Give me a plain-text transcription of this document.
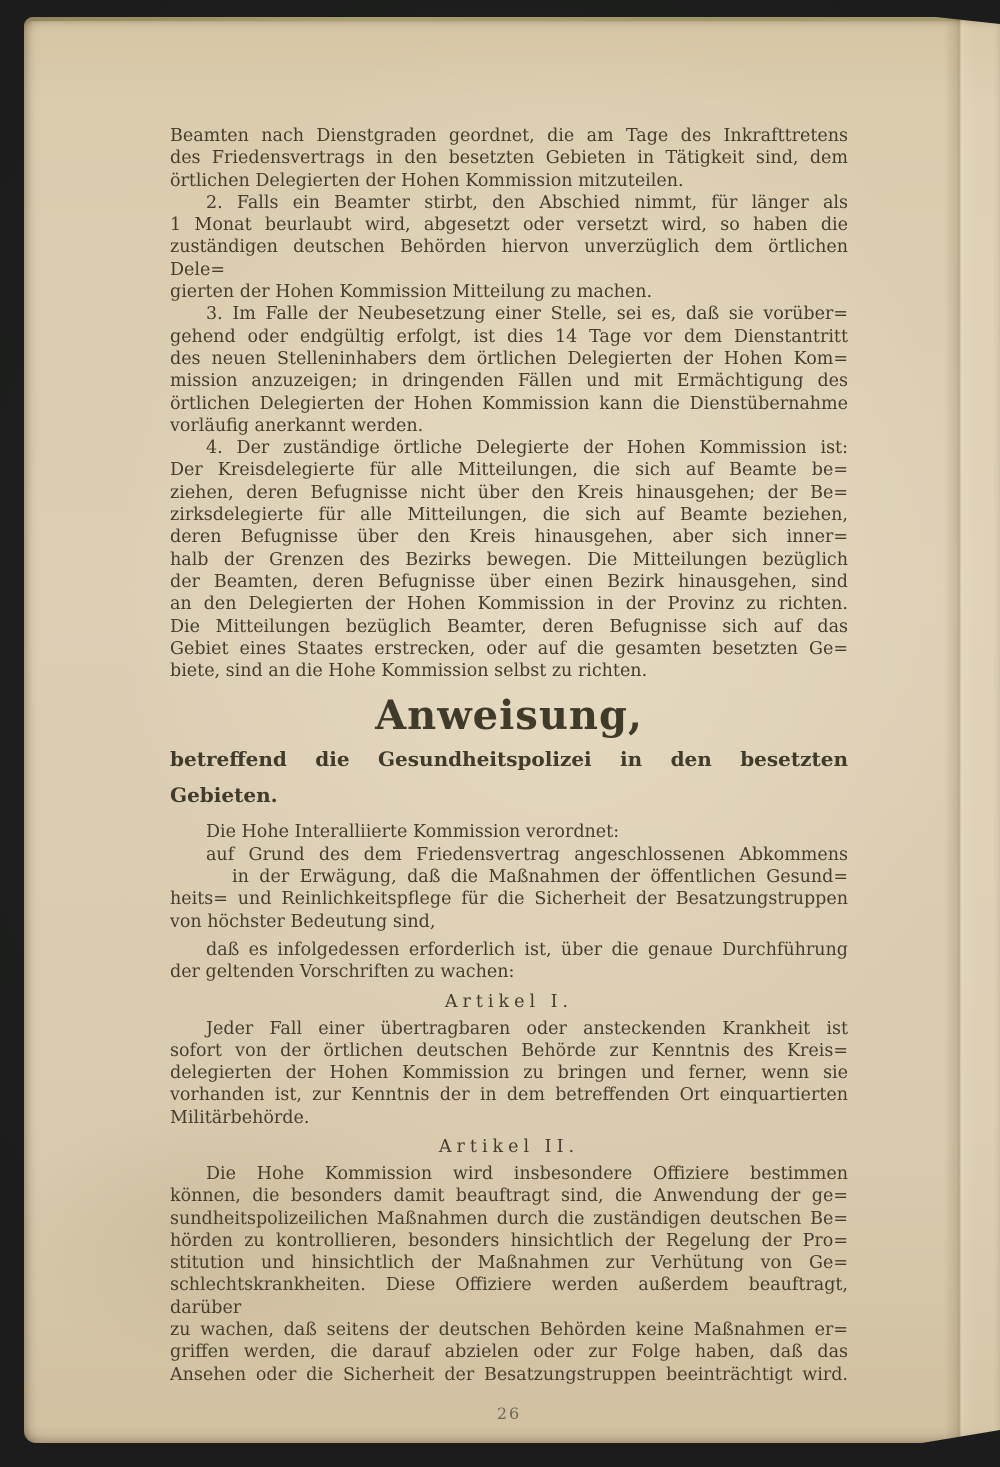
Beamten nach Dienstgraden geordnet, die am Tage des Inkrafttretens
des Friedensvertrags in den besetzten Gebieten in Tätigkeit sind, dem
örtlichen Delegierten der Hohen Kommission mitzuteilen.
2. Falls ein Beamter stirbt, den Abschied nimmt, für länger als
1 Monat beurlaubt wird, abgesetzt oder versetzt wird, so haben die
zuständigen deutschen Behörden hiervon unverzüglich dem örtlichen Dele=
gierten der Hohen Kommission Mitteilung zu machen.
3. Im Falle der Neubesetzung einer Stelle, sei es, daß sie vorüber=
gehend oder endgültig erfolgt, ist dies 14 Tage vor dem Dienstantritt
des neuen Stelleninhabers dem örtlichen Delegierten der Hohen Kom=
mission anzuzeigen; in dringenden Fällen und mit Ermächtigung des
örtlichen Delegierten der Hohen Kommission kann die Dienstübernahme
vorläufig anerkannt werden.
4. Der zuständige örtliche Delegierte der Hohen Kommission ist:
Der Kreisdelegierte für alle Mitteilungen, die sich auf Beamte be=
ziehen, deren Befugnisse nicht über den Kreis hinausgehen; der Be=
zirksdelegierte für alle Mitteilungen, die sich auf Beamte beziehen,
deren Befugnisse über den Kreis hinausgehen, aber sich inner=
halb der Grenzen des Bezirks bewegen. Die Mitteilungen bezüglich
der Beamten, deren Befugnisse über einen Bezirk hinausgehen, sind
an den Delegierten der Hohen Kommission in der Provinz zu richten.
Die Mitteilungen bezüglich Beamter, deren Befugnisse sich auf das
Gebiet eines Staates erstrecken, oder auf die gesamten besetzten Ge=
biete, sind an die Hohe Kommission selbst zu richten.
Anweisung,
betreffend die Gesundheitspolizei in den besetzten Gebieten.
Die Hohe Interalliierte Kommission verordnet:
auf Grund des dem Friedensvertrag angeschlossenen Abkommens
in der Erwägung, daß die Maßnahmen der öffentlichen Gesund=
heits= und Reinlichkeitspflege für die Sicherheit der Besatzungstruppen
von höchster Bedeutung sind,
daß es infolgedessen erforderlich ist, über die genaue Durchführung
der geltenden Vorschriften zu wachen:
Artikel I.
Jeder Fall einer übertragbaren oder ansteckenden Krankheit ist
sofort von der örtlichen deutschen Behörde zur Kenntnis des Kreis=
delegierten der Hohen Kommission zu bringen und ferner, wenn sie
vorhanden ist, zur Kenntnis der in dem betreffenden Ort einquartierten
Militärbehörde.
Artikel II.
Die Hohe Kommission wird insbesondere Offiziere bestimmen
können, die besonders damit beauftragt sind, die Anwendung der ge=
sundheitspolizeilichen Maßnahmen durch die zuständigen deutschen Be=
hörden zu kontrollieren, besonders hinsichtlich der Regelung der Pro=
stitution und hinsichtlich der Maßnahmen zur Verhütung von Ge=
schlechtskrankheiten. Diese Offiziere werden außerdem beauftragt, darüber
zu wachen, daß seitens der deutschen Behörden keine Maßnahmen er=
griffen werden, die darauf abzielen oder zur Folge haben, daß das
Ansehen oder die Sicherheit der Besatzungstruppen beeinträchtigt wird.
26
